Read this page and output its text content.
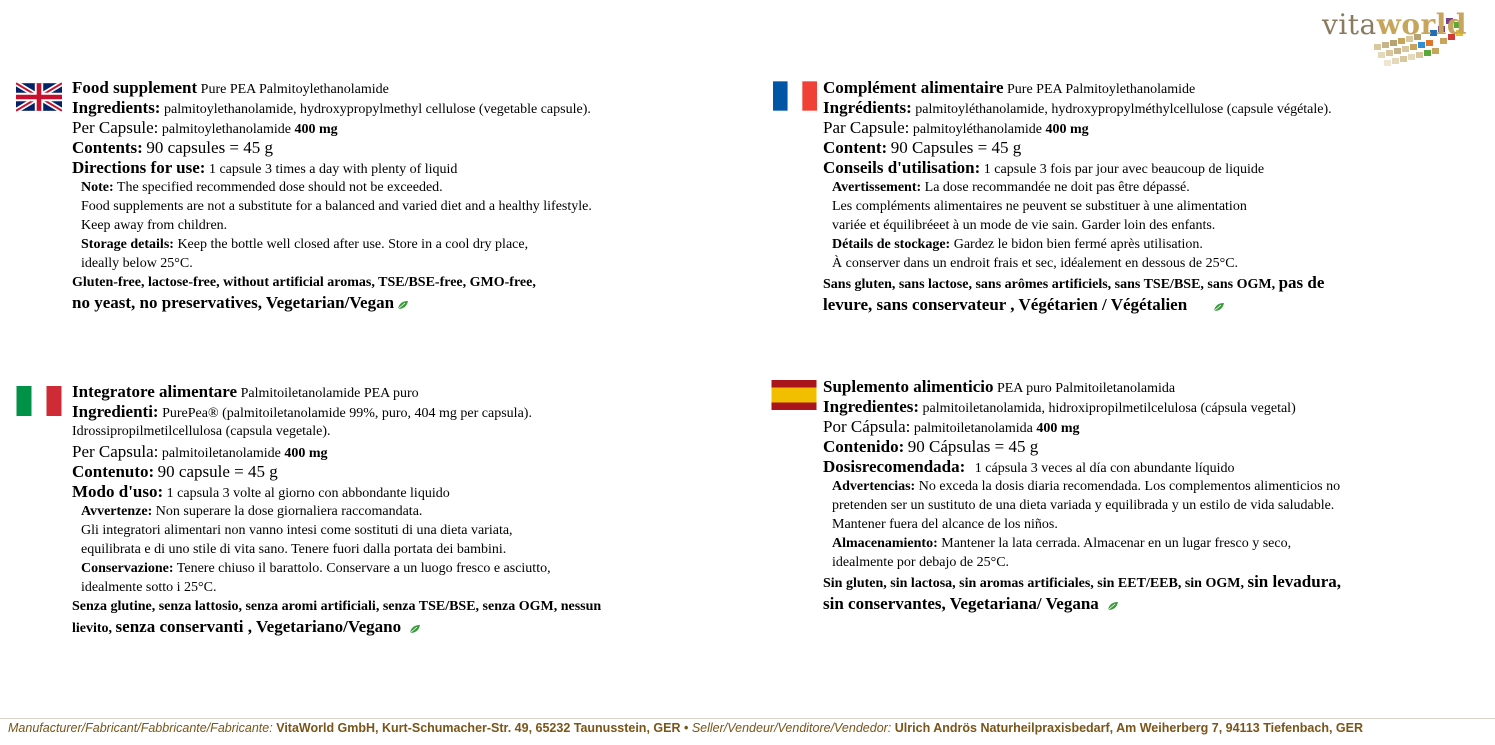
vitaworld
Food supplement Pure PEA Palmitoylethanolamide
Ingredients: palmitoylethanolamide, hydroxypropylmethyl cellulose (vegetable capsule).
Per Capsule: palmitoylethanolamide 400 mg
Contents: 90 capsules = 45 g
Directions for use: 1 capsule 3 times a day with plenty of liquid
Note: The specified recommended dose should not be exceeded.
Food supplements are not a substitute for a balanced and varied diet and a healthy lifestyle.
Keep away from children.
Storage details: Keep the bottle well closed after use. Store in a cool dry place,
ideally below 25°C.
Gluten-free, lactose-free, without artificial aromas, TSE/BSE-free, GMO-free,
no yeast, no preservatives, Vegetarian/Vegan
Complément alimentaire Pure PEA Palmitoylethanolamide
Ingrédients: palmitoyléthanolamide, hydroxypropylméthylcellulose (capsule végétale).
Par Capsule: palmitoyléthanolamide 400 mg
Content: 90 Capsules = 45 g
Conseils d'utilisation: 1 capsule 3 fois par jour avec beaucoup de liquide
Avertissement: La dose recommandée ne doit pas être dépassé.
Les compléments alimentaires ne peuvent se substituer à une alimentation
variée et équilibréeet à un mode de vie sain. Garder loin des enfants.
Détails de stockage: Gardez le bidon bien fermé après utilisation.
À conserver dans un endroit frais et sec, idéalement en dessous de 25°C.
Sans gluten, sans lactose, sans arômes artificiels, sans TSE/BSE, sans OGM, pas de
levure, sans conservateur , Végétarien / Végétalien
Integratore alimentare Palmitoiletanolamide PEA puro
Ingredienti: PurePea® (palmitoiletanolamide 99%, puro, 404 mg per capsula).
Idrossipropilmetilcellulosa (capsula vegetale).
Per Capsula: palmitoiletanolamide 400 mg
Contenuto: 90 capsule = 45 g
Modo d'uso: 1 capsula 3 volte al giorno con abbondante liquido
Avvertenze: Non superare la dose giornaliera raccomandata.
Gli integratori alimentari non vanno intesi come sostituti di una dieta variata,
equilibrata e di uno stile di vita sano. Tenere fuori dalla portata dei bambini.
Conservazione: Tenere chiuso il barattolo. Conservare a un luogo fresco e asciutto,
idealmente sotto i 25°C.
Senza glutine, senza lattosio, senza aromi artificiali, senza TSE/BSE, senza OGM, nessun
lievito, senza conservanti , Vegetariano/Vegano
Suplemento alimenticio PEA puro Palmitoiletanolamida
Ingredientes: palmitoiletanolamida, hidroxipropilmetilcelulosa (cápsula vegetal)
Por Cápsula: palmitoiletanolamida 400 mg
Contenido: 90 Cápsulas = 45 g
Dosisrecomendada: 1 cápsula 3 veces al día con abundante líquido
Advertencias: No exceda la dosis diaria recomendada. Los complementos alimenticios no
pretenden ser un sustituto de una dieta variada y equilibrada y un estilo de vida saludable.
Mantener fuera del alcance de los niños.
Almacenamiento: Mantener la lata cerrada. Almacenar en un lugar fresco y seco,
idealmente por debajo de 25°C.
Sin gluten, sin lactosa, sin aromas artificiales, sin EET/EEB, sin OGM, sin levadura,
sin conservantes, Vegetariana/ Vegana
Manufacturer/Fabricant/Fabbricante/Fabricante: VitaWorld GmbH, Kurt-Schumacher-Str. 49, 65232 Taunusstein, GER • Seller/Vendeur/Venditore/Vendedor: Ulrich Andrös Naturheilpraxisbedarf, Am Weiherberg 7, 94113 Tiefenbach, GER
